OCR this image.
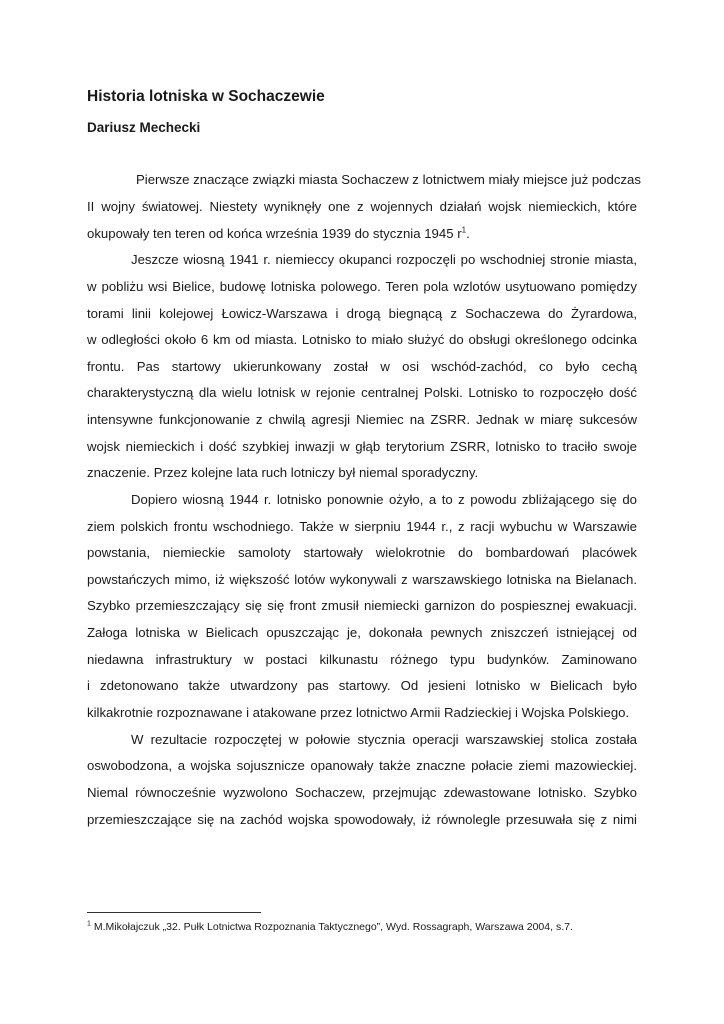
Historia lotniska w Sochaczewie

Dariusz Mechecki

Pierwsze znaczące związki miasta Sochaczew z lotnictwem miały miejsce już podczas
II wojny światowej. Niestety wyniknęły one z wojennych działań wojsk niemieckich, które
okupowały ten teren od końca września 1939 do stycznia 1945 r$^1$.
Jeszcze wiosną 1941 r. niemieccy okupanci rozpoczęli po wschodniej stronie miasta,
w pobliżu wsi Bielice, budowę lotniska polowego. Teren pola wzlotów usytuowano pomiędzy
torami linii kolejowej Łowicz-Warszawa i drogą biegnącą z Sochaczewa do Żyrardowa,
w odległości około 6 km od miasta. Lotnisko to miało służyć do obsługi określonego odcinka
frontu. Pas startowy ukierunkowany został w osi wschód-zachód, co było cechą
charakterystyczną dla wielu lotnisk w rejonie centralnej Polski. Lotnisko to rozpoczęło dość
intensywne funkcjonowanie z chwilą agresji Niemiec na ZSRR. Jednak w miarę sukcesów
wojsk niemieckich i dość szybkiej inwazji w głąb terytorium ZSRR, lotnisko to traciło swoje
znaczenie. Przez kolejne lata ruch lotniczy był niemal sporadyczny.
Dopiero wiosną 1944 r. lotnisko ponownie ożyło, a to z powodu zbliżającego się do
ziem polskich frontu wschodniego. Także w sierpniu 1944 r., z racji wybuchu w Warszawie
powstania, niemieckie samoloty startowały wielokrotnie do bombardowań placówek
powstańczych mimo, iż większość lotów wykonywali z warszawskiego lotniska na Bielanach.
Szybko przemieszczający się się front zmusił niemiecki garnizon do pospiesznej ewakuacji.
Załoga lotniska w Bielicach opuszczając je, dokonała pewnych zniszczeń istniejącej od
niedawna infrastruktury w postaci kilkunastu różnego typu budynków. Zaminowano
i zdetonowano także utwardzony pas startowy. Od jesieni lotnisko w Bielicach było
kilkakrotnie rozpoznawane i atakowane przez lotnictwo Armii Radzieckiej i Wojska Polskiego.
W rezultacie rozpoczętej w połowie stycznia operacji warszawskiej stolica została
oswobodzona, a wojska sojusznicze opanowały także znaczne połacie ziemi mazowieckiej.
Niemal równocześnie wyzwolono Sochaczew, przejmując zdewastowane lotnisko. Szybko
przemieszczające się na zachód wojska spowodowały, iż równolegle przesuwała się z nimi
$^1$ M.Mikołajczuk „32. Pułk Lotnictwa Rozpoznania Taktycznego”, Wyd. Rossagraph, Warszawa 2004, s.7.
